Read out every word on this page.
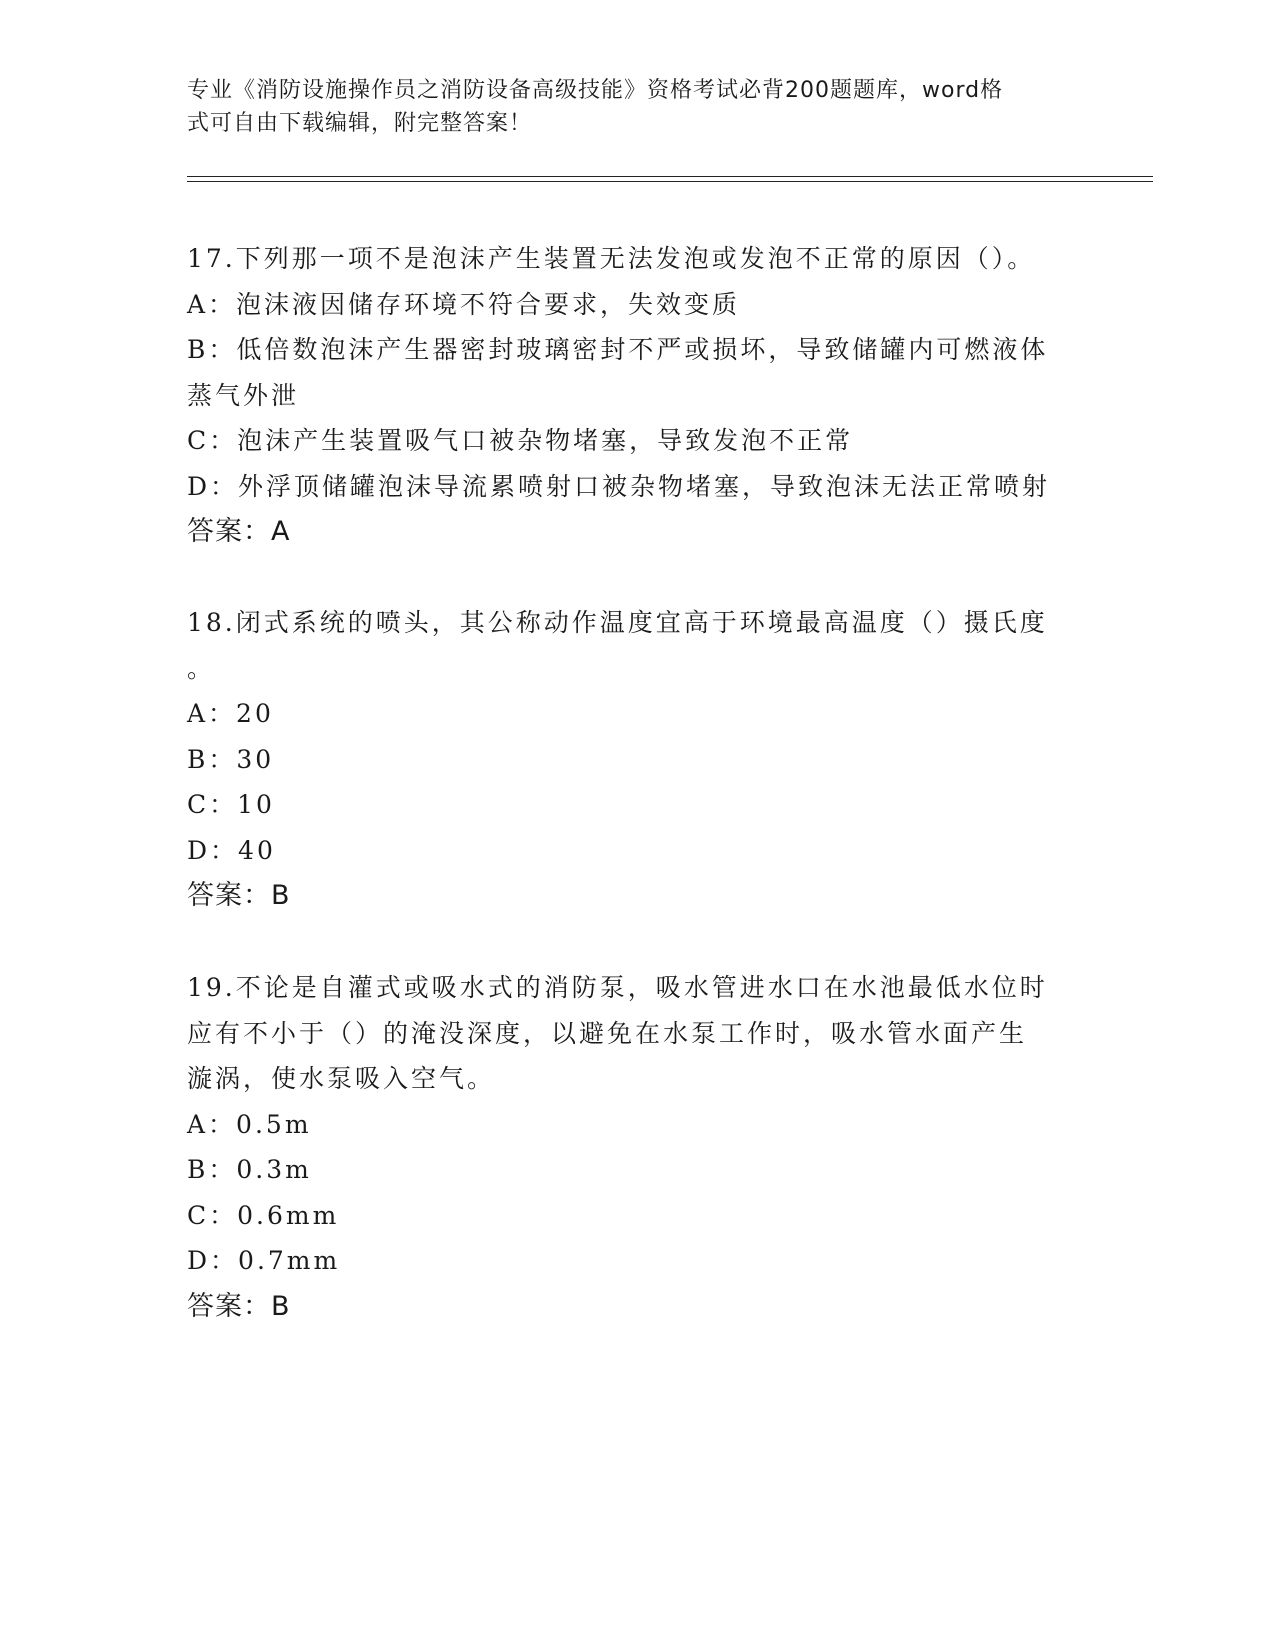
专业《消防设施操作员之消防设备高级技能》资格考试必背200题题库，word格
式可自由下载编辑，附完整答案！

17.下列那一项不是泡沫产生装置无法发泡或发泡不正常的原因（）。

A：泡沫液因储存环境不符合要求，失效变质

B：低倍数泡沫产生器密封玻璃密封不严或损坏，导致储罐内可燃液体

蒸气外泄

C：泡沫产生装置吸气口被杂物堵塞，导致发泡不正常

D：外浮顶储罐泡沫导流累喷射口被杂物堵塞，导致泡沫无法正常喷射

答案：A

18.闭式系统的喷头，其公称动作温度宜高于环境最高温度（）摄氏度

。

A：20

B：30

C：10

D：40

答案：B

19.不论是自灌式或吸水式的消防泵，吸水管进水口在水池最低水位时

应有不小于（）的淹没深度，以避免在水泵工作时，吸水管水面产生

漩涡，使水泵吸入空气。

A：0.5m

B：0.3m

C：0.6mm

D：0.7mm

答案：B
